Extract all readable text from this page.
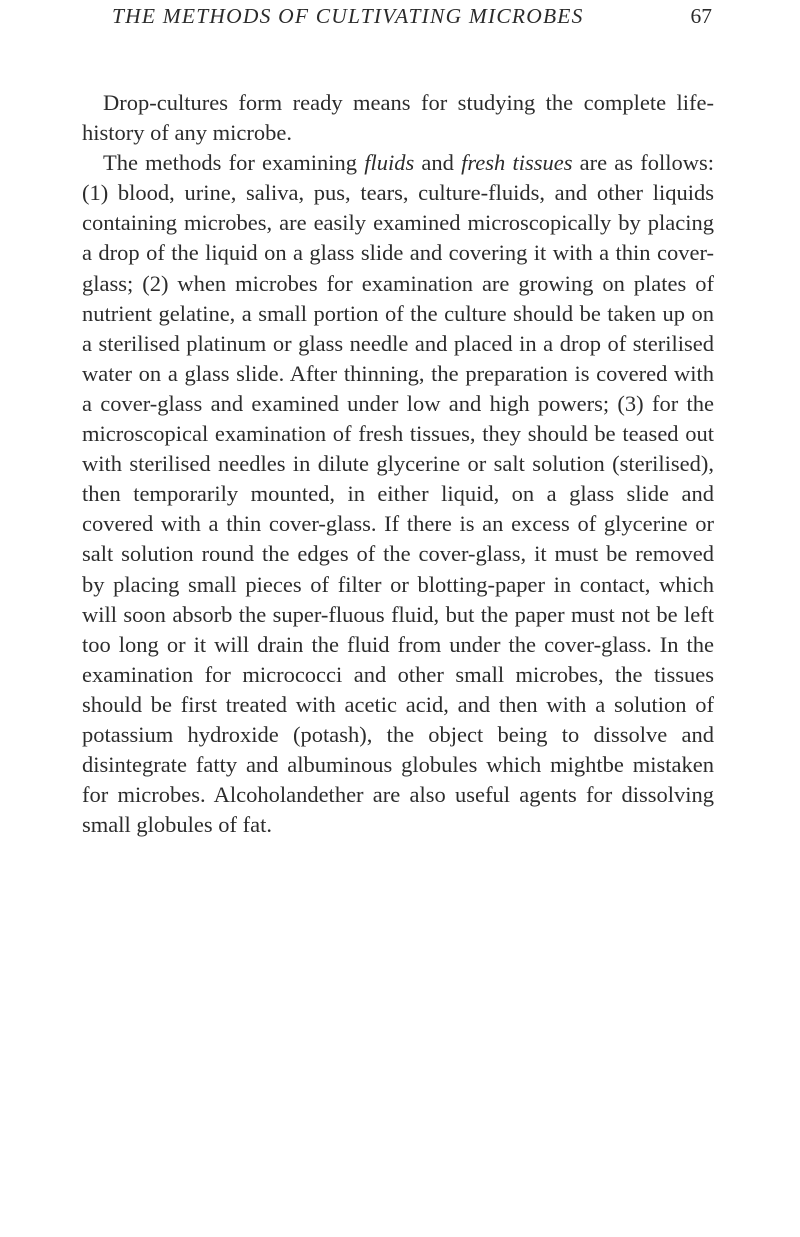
THE METHODS OF CULTIVATING MICROBES	67

Drop-cultures form ready means for studying the complete life-history of any microbe.

The methods for examining fluids and fresh tissues are as follows: (1) blood, urine, saliva, pus, tears, culture-fluids, and other liquids containing microbes, are easily examined microscopically by placing a drop of the liquid on a glass slide and covering it with a thin cover-glass; (2) when microbes for examination are growing on plates of nutrient gelatine, a small portion of the culture should be taken up on a sterilised platinum or glass needle and placed in a drop of sterilised water on a glass slide. After thinning, the preparation is covered with a cover-glass and examined under low and high powers; (3) for the microscopical examination of fresh tissues, they should be teased out with sterilised needles in dilute glycerine or salt solution (sterilised), then temporarily mounted, in either liquid, on a glass slide and covered with a thin cover-glass. If there is an excess of glycerine or salt solution round the edges of the cover-glass, it must be removed by placing small pieces of filter or blotting-paper in contact, which will soon absorb the super-fluous fluid, but the paper must not be left too long or it will drain the fluid from under the cover-glass. In the examination for micrococci and other small microbes, the tissues should be first treated with acetic acid, and then with a solution of potassium hydroxide (potash), the object being to dissolve and disintegrate fatty and albuminous globules which mightbe mistaken for microbes. Alcoholandether are also useful agents for dissolving small globules of fat.
